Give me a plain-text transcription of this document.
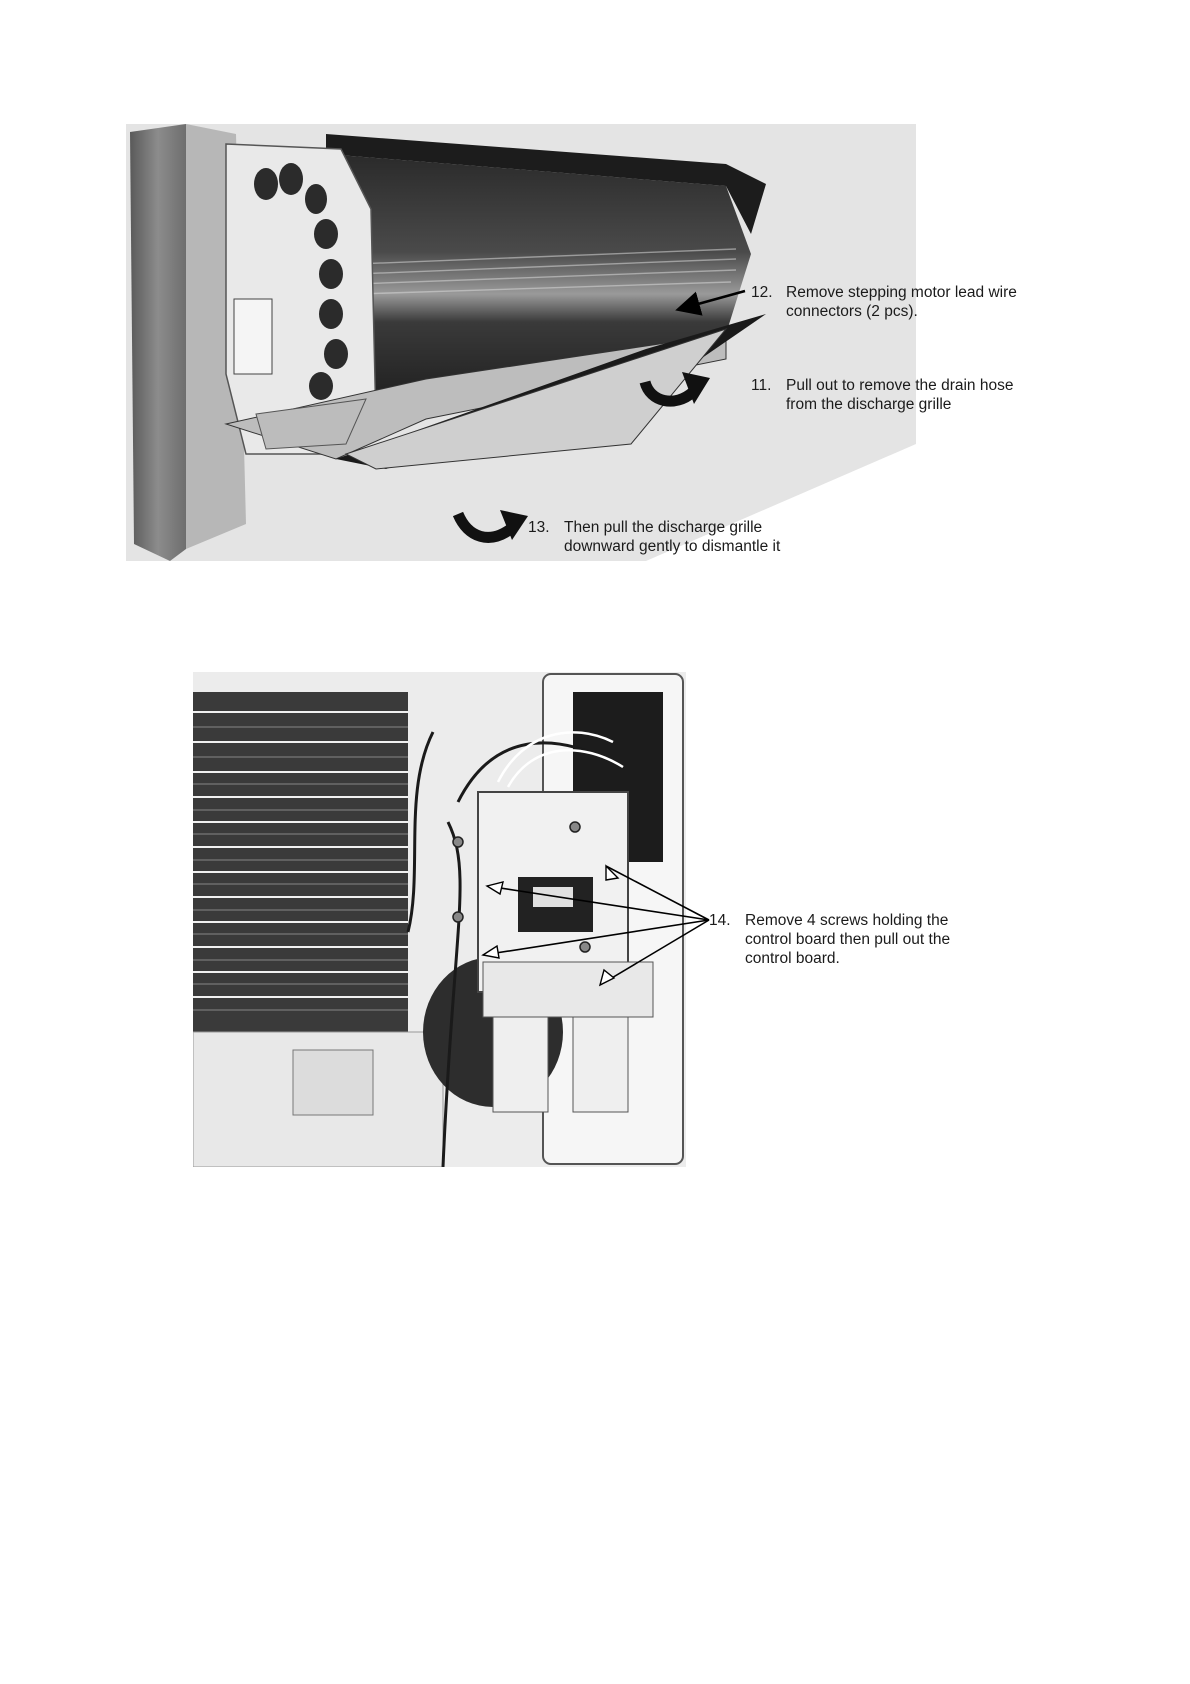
12. Remove stepping motor lead wire
connectors (2 pcs).
11. Pull out to remove the drain hose
from the discharge grille
13. Then pull the discharge grille
downward gently to dismantle it
14. Remove 4 screws holding the
control board then pull out the
control board.
